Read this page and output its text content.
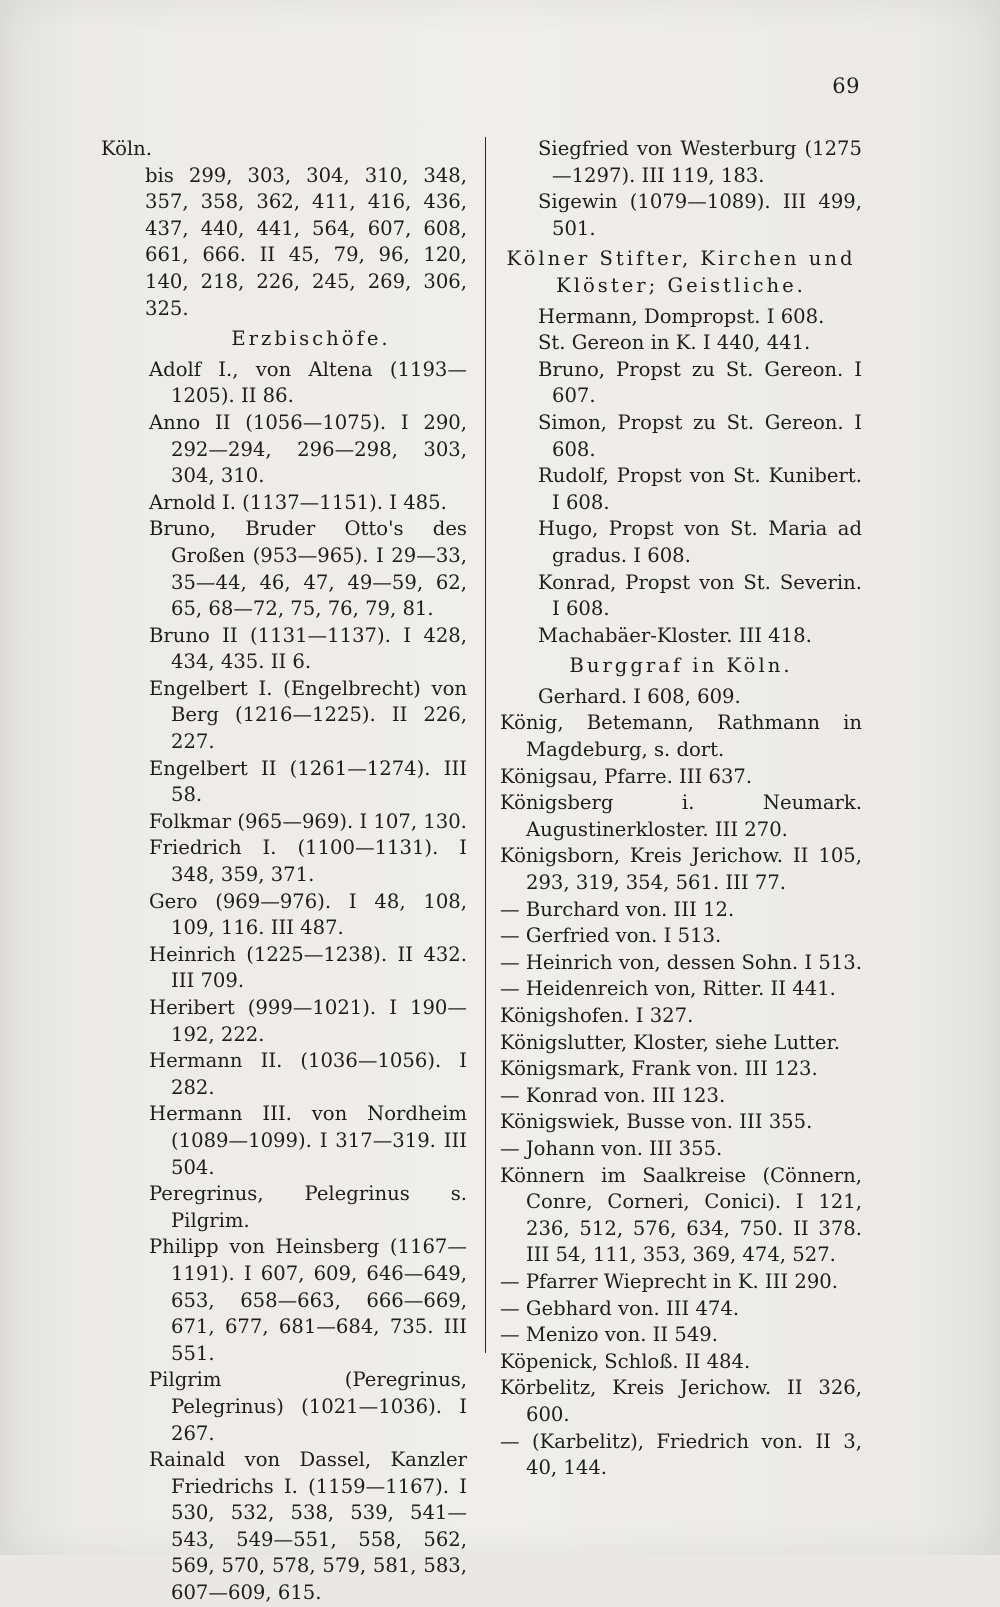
69

Köln.

bis 299, 303, 304, 310, 348, 357, 358, 362, 411, 416, 436, 437, 440, 441, 564, 607, 608, 661, 666. II 45, 79, 96, 120, 140, 218, 226, 245, 269, 306, 325.

Erzbischöfe.

Adolf I., von Altena (1193—1205). II 86.

Anno II (1056—1075). I 290, 292—294, 296—298, 303, 304, 310.

Arnold I. (1137—1151). I 485.

Bruno, Bruder Otto's des Großen (953—965). I 29—33, 35—44, 46, 47, 49—59, 62, 65, 68—72, 75, 76, 79, 81.

Bruno II (1131—1137). I 428, 434, 435. II 6.

Engelbert I. (Engelbrecht) von Berg (1216—1225). II 226, 227.

Engelbert II (1261—1274). III 58.

Folkmar (965—969). I 107, 130.

Friedrich I. (1100—1131). I 348, 359, 371.

Gero (969—976). I 48, 108, 109, 116. III 487.

Heinrich (1225—1238). II 432. III 709.

Heribert (999—1021). I 190—192, 222.

Hermann II. (1036—1056). I 282.

Hermann III. von Nordheim (1089—1099). I 317—319. III 504.

Peregrinus, Pelegrinus s. Pilgrim.

Philipp von Heinsberg (1167—1191). I 607, 609, 646—649, 653, 658—663, 666—669, 671, 677, 681—684, 735. III 551.

Pilgrim (Peregrinus, Pelegrinus) (1021—1036). I 267.

Rainald von Dassel, Kanzler Friedrichs I. (1159—1167). I 530, 532, 538, 539, 541—543, 549—551, 558, 562, 569, 570, 578, 579, 581, 583, 607—609, 615.

Siegfried von Westerburg (1275—1297). III 119, 183.

Sigewin (1079—1089). III 499, 501.

Kölner Stifter, Kirchen und Klöster; Geistliche.

Hermann, Dompropst. I 608.

St. Gereon in K. I 440, 441.

Bruno, Propst zu St. Gereon. I 607.

Simon, Propst zu St. Gereon. I 608.

Rudolf, Propst von St. Kunibert. I 608.

Hugo, Propst von St. Maria ad gradus. I 608.

Konrad, Propst von St. Severin. I 608.

Machabäer-Kloster. III 418.

Burggraf in Köln.

Gerhard. I 608, 609.

König, Betemann, Rathmann in Magdeburg, s. dort.

Königsau, Pfarre. III 637.

Königsberg i. Neumark. Augustinerkloster. III 270.

Königsborn, Kreis Jerichow. II 105, 293, 319, 354, 561. III 77.

— Burchard von. III 12.

— Gerfried von. I 513.

— Heinrich von, dessen Sohn. I 513.

— Heidenreich von, Ritter. II 441.

Königshofen. I 327.

Königslutter, Kloster, siehe Lutter.

Königsmark, Frank von. III 123.

— Konrad von. III 123.

Königswiek, Busse von. III 355.

— Johann von. III 355.

Könnern im Saalkreise (Cönnern, Conre, Corneri, Conici). I 121, 236, 512, 576, 634, 750. II 378. III 54, 111, 353, 369, 474, 527.

— Pfarrer Wieprecht in K. III 290.

— Gebhard von. III 474.

— Menizo von. II 549.

Köpenick, Schloß. II 484.

Körbelitz, Kreis Jerichow. II 326, 600.

— (Karbelitz), Friedrich von. II 3, 40, 144.
